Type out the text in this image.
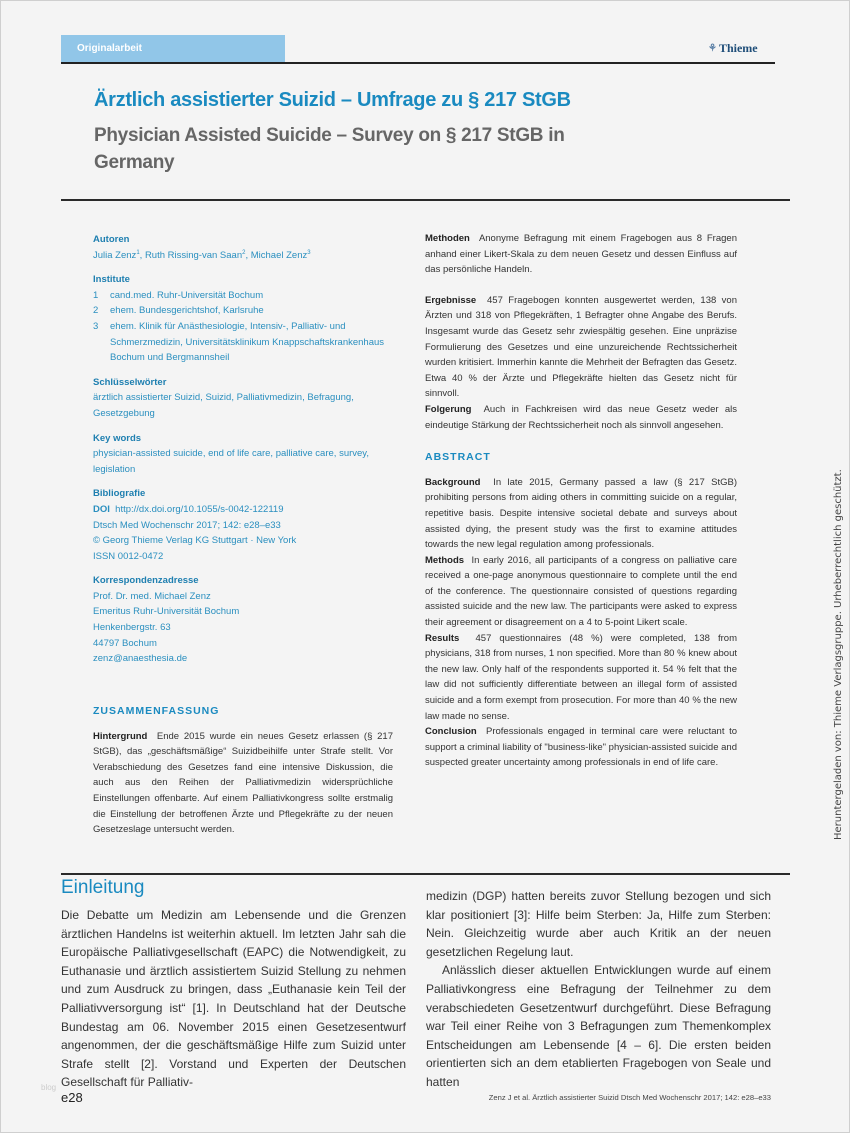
Originalarbeit	⚘ Thieme
Ärztlich assistierter Suizid – Umfrage zu § 217 StGB
Physician Assisted Suicide – Survey on § 217 StGB in Germany
Autoren
Julia Zenz$^1$, Ruth Rissing-van Saan$^2$, Michael Zenz$^3$
Institute
1	cand.med. Ruhr-Universität Bochum
2	ehem. Bundesgerichtshof, Karlsruhe
3	ehem. Klinik für Anästhesiologie, Intensiv-, Palliativ- und Schmerzmedizin, Universitätsklinikum Knappschaftskrankenhaus Bochum und Bergmannsheil
Schlüsselwörter
ärztlich assistierter Suizid, Suizid, Palliativmedizin, Befragung, Gesetzgebung
Key words
physician-assisted suicide, end of life care, palliative care, survey, legislation
Bibliografie
DOI http://dx.doi.org/10.1055/s-0042-122119
Dtsch Med Wochenschr 2017; 142: e28–e33
© Georg Thieme Verlag KG Stuttgart · New York
ISSN 0012-0472
Korrespondenzadresse
Prof. Dr. med. Michael Zenz
Emeritus Ruhr-Universität Bochum
Henkenbergstr. 63
44797 Bochum
zenz@anaesthesia.de
ZUSAMMENFASSUNG
Hintergrund Ende 2015 wurde ein neues Gesetz erlassen (§ 217 StGB), das „geschäftsmäßige“ Suizidbeihilfe unter Strafe stellt. Vor Verabschiedung des Gesetzes fand eine intensive Diskussion, die auch aus den Reihen der Palliativmedizin widersprüchliche Einstellungen offenbarte. Auf einem Palliativkongress sollte erstmalig die Einstellung der betroffenen Ärzte und Pflegekräfte zu der neuen Gesetzeslage untersucht werden.

Methoden Anonyme Befragung mit einem Fragebogen aus 8 Fragen anhand einer Likert-Skala zu dem neuen Gesetz und dessen Einfluss auf das persönliche Handeln.

Ergebnisse 457 Fragebogen konnten ausgewertet werden, 138 von Ärzten und 318 von Pflegekräften, 1 Befragter ohne Angabe des Berufs. Insgesamt wurde das Gesetz sehr zwiespältig gesehen. Eine unpräzise Formulierung des Gesetzes und eine unzureichende Rechtssicherheit wurden kritisiert. Immerhin kannte die Mehrheit der Befragten das Gesetz. Etwa 40 % der Ärzte und Pflegekräfte hielten das Gesetz nicht für sinnvoll.

Folgerung Auch in Fachkreisen wird das neue Gesetz weder als eindeutige Stärkung der Rechtssicherheit noch als sinnvoll angesehen.

ABSTRACT

Background In late 2015, Germany passed a law (§ 217 StGB) prohibiting persons from aiding others in committing suicide on a regular, repetitive basis. Despite intensive societal debate and surveys about assisted dying, the present study was the first to examine attitudes towards the new legal regulation among professionals.

Methods In early 2016, all participants of a congress on palliative care received a one-page anonymous questionnaire to complete until the end of the conference. The questionnaire consisted of questions regarding assisted suicide and the new law. The participants were asked to express their agreement or disagreement on a 4 to 5-point Likert scale.

Results 457 questionnaires (48 %) were completed, 138 from physicians, 318 from nurses, 1 non specified. More than 80 % knew about the new law. Only half of the respondents supported it. 54 % felt that the law did not sufficiently differentiate between an illegal form of assisted suicide and a form exempt from prosecution. For more than 40 % the new law made no sense.

Conclusion Professionals engaged in terminal care were reluctant to support a criminal liability of "business-like" physician-assisted suicide and suspected greater uncertainty among professionals in end of life care.	Heruntergeladen von: Thieme Verlagsgruppe. Urheberrechtlich geschützt.
Einleitung

Die Debatte um Medizin am Lebensende und die Grenzen ärztlichen Handelns ist weiterhin aktuell. Im letzten Jahr sah die Europäische Palliativgesellschaft (EAPC) die Notwendigkeit, zu Euthanasie und ärztlich assistiertem Suizid Stellung zu nehmen und zum Ausdruck zu bringen, dass „Euthanasie kein Teil der Palliativversorgung ist“ [1]. In Deutschland hat der Deutsche Bundestag am 06. November 2015 einen Gesetzesentwurf angenommen, der die geschäftsmäßige Hilfe zum Suizid unter Strafe stellt [2]. Vorstand und Experten der Deutschen Gesellschaft für Palliativ-

medizin (DGP) hatten bereits zuvor Stellung bezogen und sich klar positioniert [3]: Hilfe beim Sterben: Ja, Hilfe zum Sterben: Nein. Gleichzeitig wurde aber auch Kritik an der neuen gesetzlichen Regelung laut.

Anlässlich dieser aktuellen Entwicklungen wurde auf einem Palliativkongress eine Befragung der Teilnehmer zu dem verabschiedeten Gesetzentwurf durchgeführt. Diese Befragung war Teil einer Reihe von 3 Befragungen zum Themenkomplex Entscheidungen am Lebensende [4 – 6]. Die ersten beiden orientierten sich an dem etablierten Fragebogen von Seale und hatten

blog
e28	Zenz J et al. Ärztlich assistierter Suizid Dtsch Med Wochenschr 2017; 142: e28–e33
